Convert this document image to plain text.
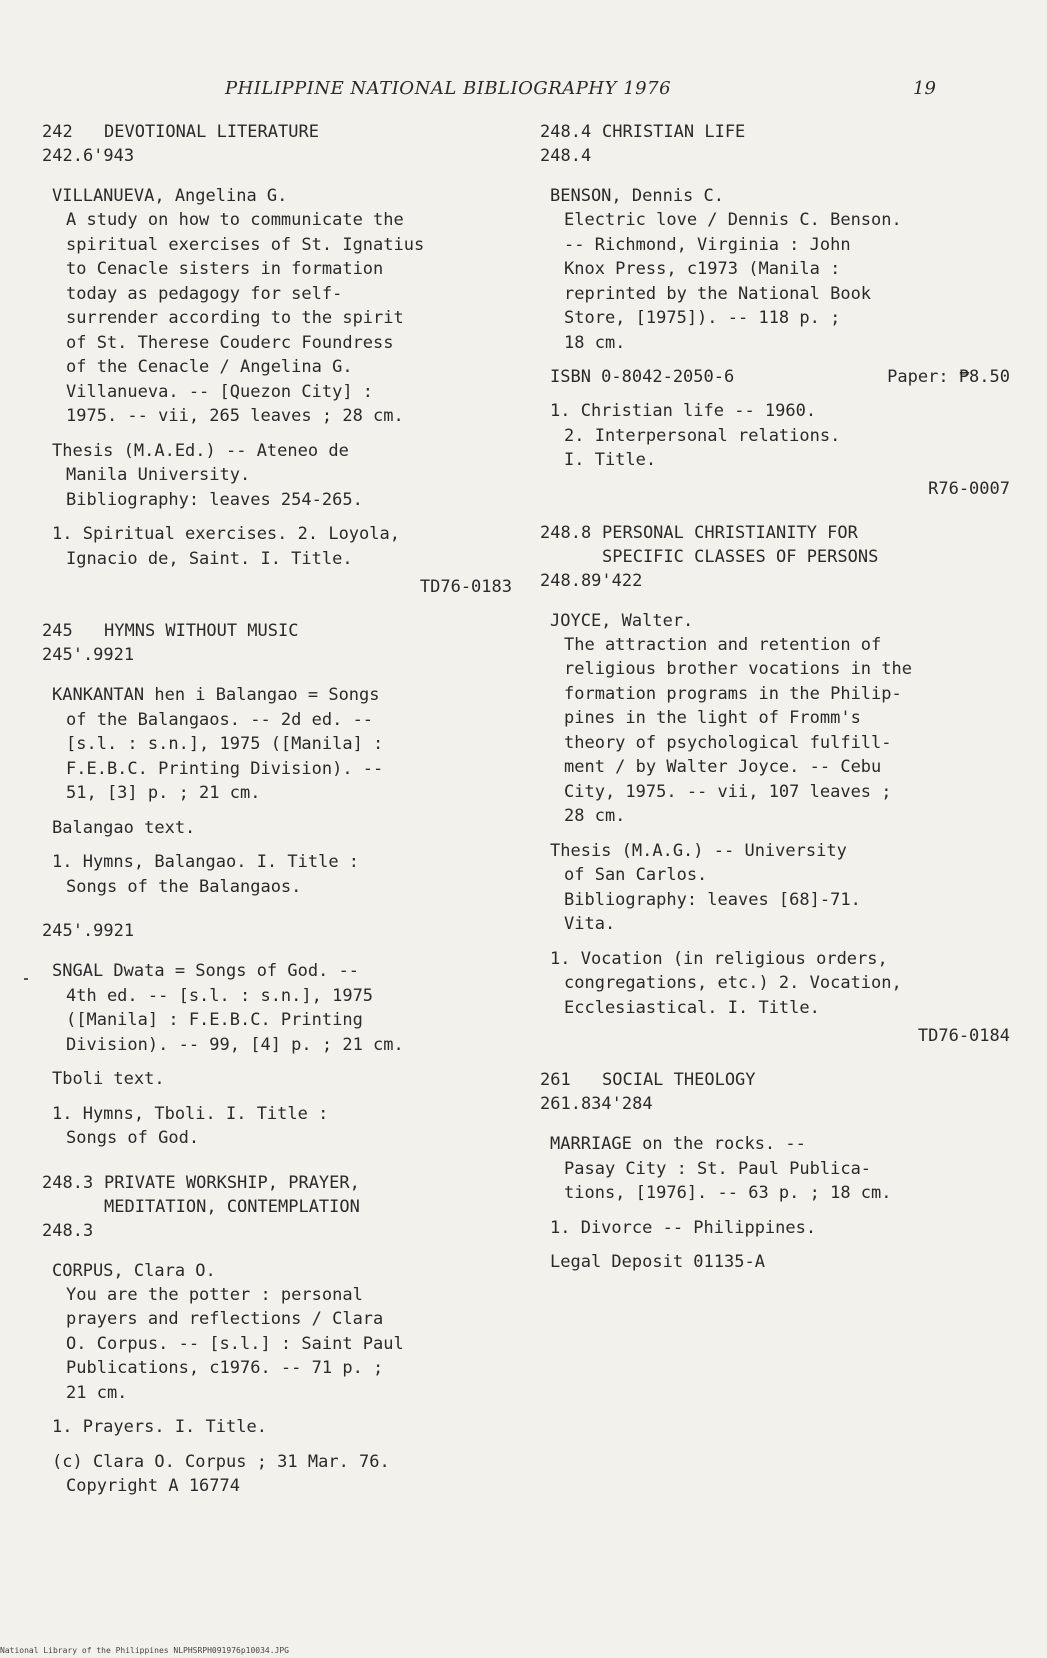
PHILIPPINE NATIONAL BIBLIOGRAPHY 1976	19
242 DEVOTIONAL LITERATURE
242.6'943
VILLANUEVA, Angelina G.

A study on how to communicate the
spiritual exercises of St. Ignatius
to Cenacle sisters in formation
today as pedagogy for self-
surrender according to the spirit
of St. Therese Couderc Foundress
of the Cenacle / Angelina G.
Villanueva. -- [Quezon City] :
1975. -- vii, 265 leaves ; 28 cm.

Thesis (M.A.Ed.) -- Ateneo de
Manila University.
Bibliography: leaves 254-265.

1. Spiritual exercises. 2. Loyola,
Ignacio de, Saint. I. Title.

TD76-0183
245 HYMNS WITHOUT MUSIC
245'.9921

KANKANTAN hen i Balangao = Songs
of the Balangaos. -- 2d ed. --
[s.l. : s.n.], 1975 ([Manila] :
F.E.B.C. Printing Division). --
51, [3] p. ; 21 cm.

Balangao text.

1. Hymns, Balangao. I. Title :
Songs of the Balangaos.

245'.9921

SNGAL Dwata = Songs of God. --
4th ed. -- [s.l. : s.n.], 1975
([Manila] : F.E.B.C. Printing
Division). -- 99, [4] p. ; 21 cm.

Tboli text.

1. Hymns, Tboli. I. Title :
Songs of God.

248.3 PRIVATE WORKSHIP, PRAYER,
MEDITATION, CONTEMPLATION
248.3
CORPUS, Clara O.

You are the potter : personal
prayers and reflections / Clara
O. Corpus. -- [s.l.] : Saint Paul
Publications, c1976. -- 71 p. ;
21 cm.

1. Prayers. I. Title.

(c) Clara O. Corpus ; 31 Mar. 76.
Copyright A 16774

248.4 CHRISTIAN LIFE
248.4
BENSON, Dennis C.

Electric love / Dennis C. Benson.
-- Richmond, Virginia : John
Knox Press, c1973 (Manila :
reprinted by the National Book
Store, [1975]). -- 118 p. ;
18 cm.

ISBN 0-8042-2050-6	Paper: ₱8.50

1. Christian life -- 1960.
2. Interpersonal relations.
I. Title.

R76-0007
248.8 PERSONAL CHRISTIANITY FOR
SPECIFIC CLASSES OF PERSONS
248.89'422
JOYCE, Walter.

The attraction and retention of
religious brother vocations in the
formation programs in the Philip-
pines in the light of Fromm's
theory of psychological fulfill-
ment / by Walter Joyce. -- Cebu
City, 1975. -- vii, 107 leaves ;
28 cm.

Thesis (M.A.G.) -- University
of San Carlos.
Bibliography: leaves [68]-71.
Vita.

1. Vocation (in religious orders,
congregations, etc.) 2. Vocation,
Ecclesiastical. I. Title.

TD76-0184
261 SOCIAL THEOLOGY
261.834'284

MARRIAGE on the rocks. --
Pasay City : St. Paul Publica-
tions, [1976]. -- 63 p. ; 18 cm.

1. Divorce -- Philippines.

Legal Deposit 01135-A

National Library of the Philippines NLPHSRPH091976p10034.JPG
